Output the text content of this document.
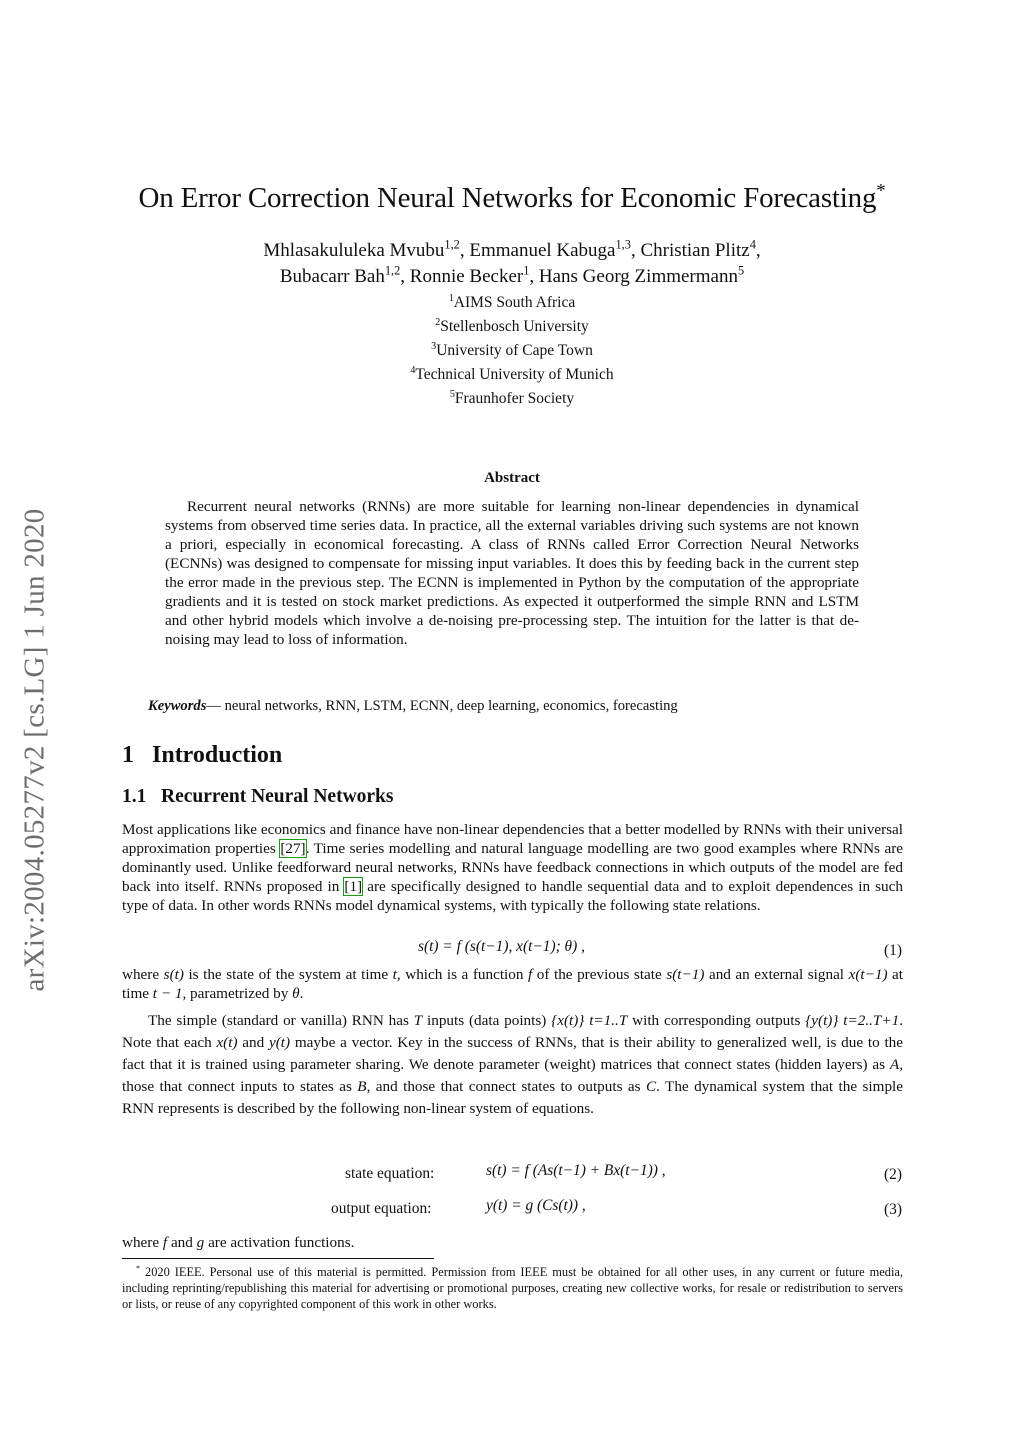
arXiv:2004.05277v2 [cs.LG] 1 Jun 2020
On Error Correction Neural Networks for Economic Forecasting*
Mhlasakululeka Mvubu$^{1,2}$, Emmanuel Kabuga$^{1,3}$, Christian Plitz$^4$,
Bubacarr Bah$^{1,2}$, Ronnie Becker$^1$, Hans Georg Zimmermann$^5$
$^1$AIMS South Africa
$^2$Stellenbosch University
$^3$University of Cape Town
$^4$Technical University of Munich
$^5$Fraunhofer Society
Abstract

Recurrent neural networks (RNNs) are more suitable for learning non-linear dependencies in dynamical systems from observed time series data. In practice, all the external variables driving such systems are not known a priori, especially in economical forecasting. A class of RNNs called Error Correction Neural Networks (ECNNs) was designed to compensate for missing input variables. It does this by feeding back in the current step the error made in the previous step. The ECNN is implemented in Python by the computation of the appropriate gradients and it is tested on stock market predictions. As expected it outperformed the simple RNN and LSTM and other hybrid models which involve a de-noising pre-processing step. The intuition for the latter is that de-noising may lead to loss of information.

Keywords— neural networks, RNN, LSTM, ECNN, deep learning, economics, forecasting
1 Introduction
1.1 Recurrent Neural Networks

Most applications like economics and finance have non-linear dependencies that a better modelled by RNNs with their universal approximation properties [27]. Time series modelling and natural language modelling are two good examples where RNNs are dominantly used. Unlike feedforward neural networks, RNNs have feedback connections in which outputs of the model are fed back into itself. RNNs proposed in [1] are specifically designed to handle sequential data and to exploit dependences in such type of data. In other words RNNs model dynamical systems, with typically the following state relations.

s(t) = f (s(t−1), x(t−1); θ) ,	(1)

where s(t) is the state of the system at time t, which is a function f of the previous state s(t−1) and an external signal x(t−1) at time t − 1, parametrized by θ.

The simple (standard or vanilla) RNN has T inputs (data points) {x(t)} t=1..T with corresponding outputs {y(t)} t=2..T+1. Note that each x(t) and y(t) maybe a vector. Key in the success of RNNs, that is their ability to generalized well, is due to the fact that it is trained using parameter sharing. We denote parameter (weight) matrices that connect states (hidden layers) as A, those that connect inputs to states as B, and those that connect states to outputs as C. The dynamical system that the simple RNN represents is described by the following non-linear system of equations.

state equation:	s(t) = f (As(t−1) + Bx(t−1)) ,	(2)
output equation:	y(t) = g (Cs(t)) ,	(3)

where f and g are activation functions.

* 2020 IEEE. Personal use of this material is permitted. Permission from IEEE must be obtained for all other uses, in any current or future media, including reprinting/republishing this material for advertising or promotional purposes, creating new collective works, for resale or redistribution to servers or lists, or reuse of any copyrighted component of this work in other works.
